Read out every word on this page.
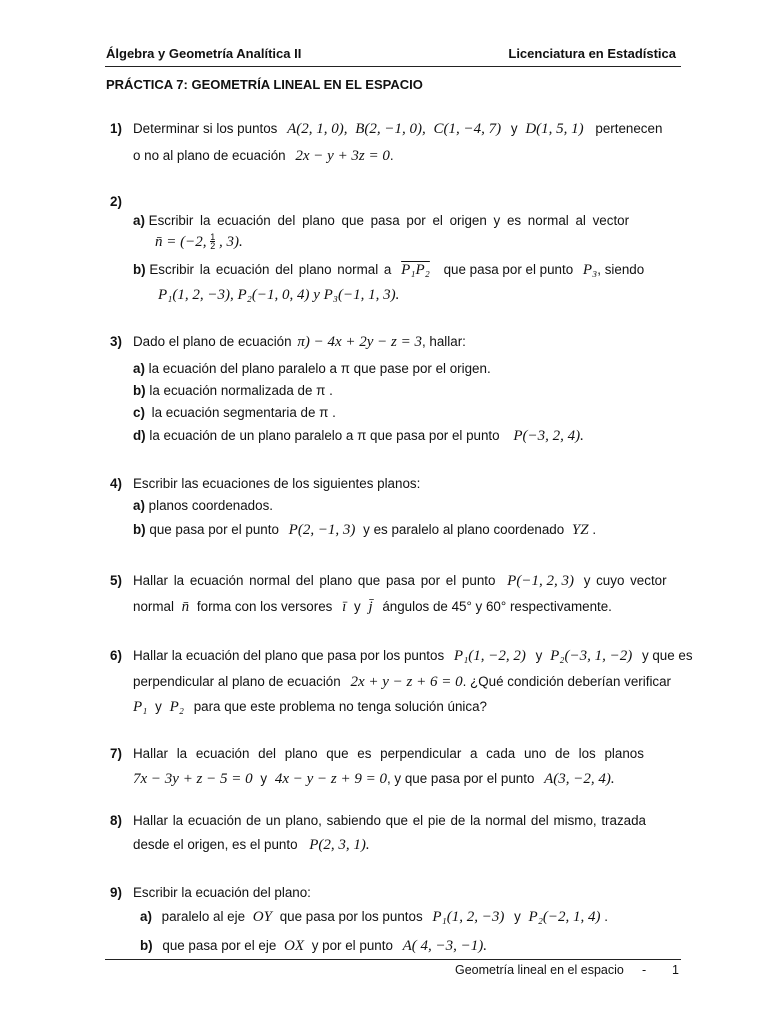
Álgebra y Geometría Analítica II	Licenciatura en Estadística
PRÁCTICA 7: GEOMETRÍA LINEAL EN EL ESPACIO
1) Determinar si los puntos A(2, 1, 0), B(2, −1, 0), C(1, −4, 7) y D(1, 5, 1) pertenecen
o no al plano de ecuación 2x − y + 3z = 0.
2)
a) Escribir la ecuación del plano que pasa por el origen y es normal al vector
n̄ = (−2, $\frac{1}{2}$ , 3).
b) Escribir la ecuación del plano normal a P₁P₂ que pasa por el punto P₃, siendo
P₁(1, 2, −3), P₂(−1, 0, 4) y P₃(−1, 1, 3).
3) Dado el plano de ecuación π) − 4x + 2y − z = 3, hallar:
a) la ecuación del plano paralelo a π que pase por el origen.
b) la ecuación normalizada de π .
c) la ecuación segmentaria de π .
d) la ecuación de un plano paralelo a π que pasa por el punto P(−3, 2, 4).
4) Escribir las ecuaciones de los siguientes planos:
a) planos coordenados.
b) que pasa por el punto P(2, −1, 3) y es paralelo al plano coordenado YZ .
5) Hallar la ecuación normal del plano que pasa por el punto P(−1, 2, 3) y cuyo vector
normal n̄ forma con los versores ī y j̄ ángulos de 45° y 60° respectivamente.
6) Hallar la ecuación del plano que pasa por los puntos P₁(1, −2, 2) y P₂(−3, 1, −2) y que es
perpendicular al plano de ecuación 2x + y − z + 6 = 0. ¿Qué condición deberían verificar
P₁ y P₂ para que este problema no tenga solución única?
7) Hallar la ecuación del plano que es perpendicular a cada uno de los planos
7x − 3y + z − 5 = 0 y 4x − y − z + 9 = 0, y que pasa por el punto A(3, −2, 4).
8) Hallar la ecuación de un plano, sabiendo que el pie de la normal del mismo, trazada
desde el origen, es el punto P(2, 3, 1).
9) Escribir la ecuación del plano:
a) paralelo al eje OY que pasa por los puntos P₁(1, 2, −3) y P₂(−2, 1, 4) .
b) que pasa por el eje OX y por el punto A( 4, −3, −1).
Geometría lineal en el espacio - 1
